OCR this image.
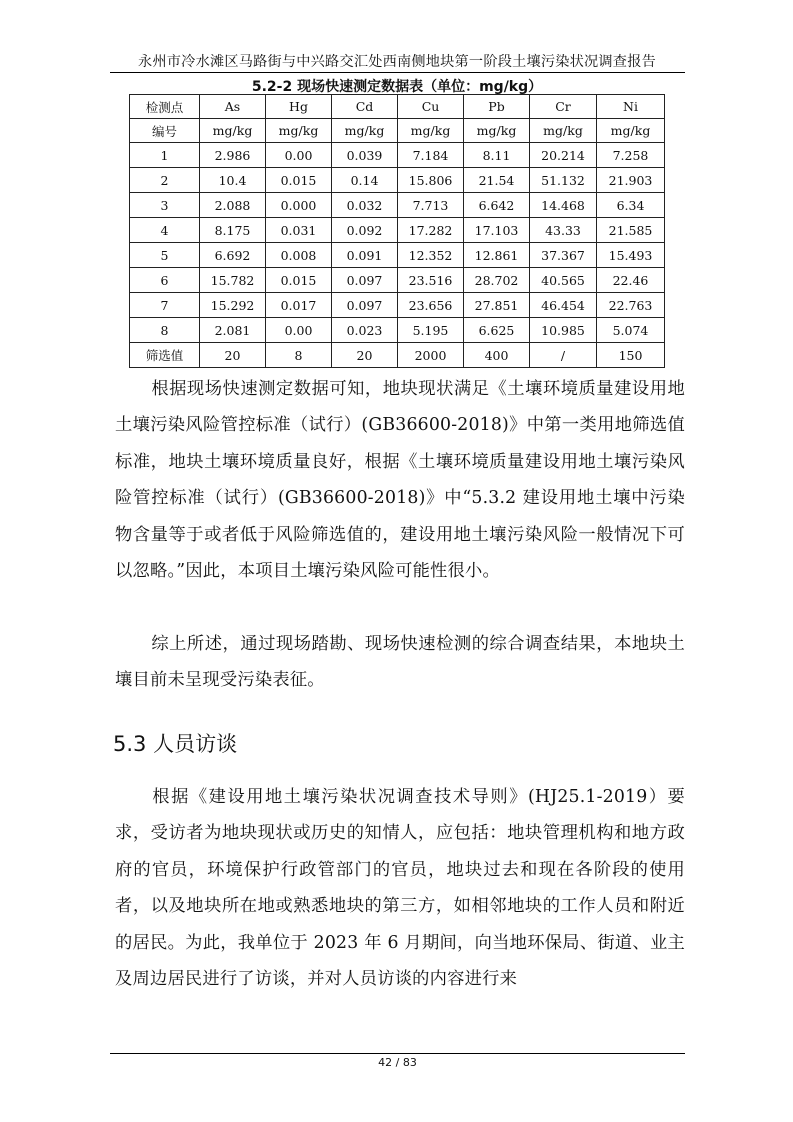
永州市冷水滩区马路街与中兴路交汇处西南侧地块第一阶段土壤污染状况调查报告
5.2-2 现场快速测定数据表（单位：mg/kg）
检测点	As	Hg	Cd	Cu	Pb	Cr	Ni
编号	mg/kg	mg/kg	mg/kg	mg/kg	mg/kg	mg/kg	mg/kg
1	2.986	0.00	0.039	7.184	8.11	20.214	7.258
2	10.4	0.015	0.14	15.806	21.54	51.132	21.903
3	2.088	0.000	0.032	7.713	6.642	14.468	6.34
4	8.175	0.031	0.092	17.282	17.103	43.33	21.585
5	6.692	0.008	0.091	12.352	12.861	37.367	15.493
6	15.782	0.015	0.097	23.516	28.702	40.565	22.46
7	15.292	0.017	0.097	23.656	27.851	46.454	22.763
8	2.081	0.00	0.023	5.195	6.625	10.985	5.074
筛选值	20	8	20	2000	400	/	150

根据现场快速测定数据可知，地块现状满足《土壤环境质量建设用地土壤污染风险管控标准（试行）(GB36600-2018)》中第一类用地筛选值标准，地块土壤环境质量良好，根据《土壤环境质量建设用地土壤污染风险管控标准（试行）(GB36600-2018)》中“5.3.2 建设用地土壤中污染物含量等于或者低于风险筛选值的，建设用地土壤污染风险一般情况下可以忽略。”因此，本项目土壤污染风险可能性很小。

综上所述，通过现场踏勘、现场快速检测的综合调查结果，本地块土壤目前未呈现受污染表征。

5.3 人员访谈

根据《建设用地土壤污染状况调查技术导则》(HJ25.1-2019）要求，受访者为地块现状或历史的知情人，应包括：地块管理机构和地方政府的官员，环境保护行政管部门的官员，地块过去和现在各阶段的使用者，以及地块所在地或熟悉地块的第三方，如相邻地块的工作人员和附近的居民。为此，我单位于 2023 年 6 月期间，向当地环保局、街道、业主及周边居民进行了访谈，并对人员访谈的内容进行来

42 / 83
